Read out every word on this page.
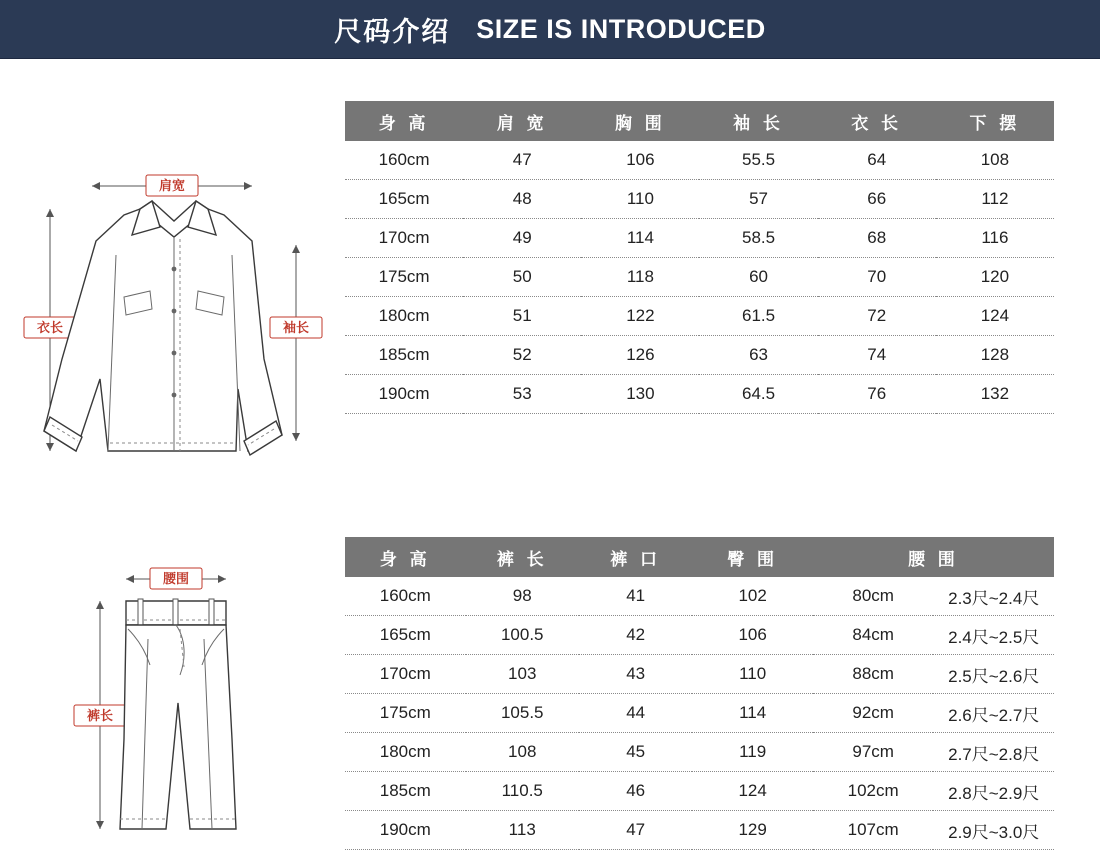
尺码介绍 SIZE IS INTRODUCED
肩宽
衣长	袖长
身 高	肩 宽	胸 围	袖 长	衣 长	下 摆
160cm	47	106	55.5	64	108
165cm	48	110	57	66	112
170cm	49	114	58.5	68	116
175cm	50	118	60	70	120
180cm	51	122	61.5	72	124
185cm	52	126	63	74	128
190cm	53	130	64.5	76	132
腰围
裤长
身 高	裤 长	裤 口	臀 围	腰 围	
160cm	98	41	102	80cm	2.3尺~2.4尺
165cm	100.5	42	106	84cm	2.4尺~2.5尺
170cm	103	43	110	88cm	2.5尺~2.6尺
175cm	105.5	44	114	92cm	2.6尺~2.7尺
180cm	108	45	119	97cm	2.7尺~2.8尺
185cm	110.5	46	124	102cm	2.8尺~2.9尺
190cm	113	47	129	107cm	2.9尺~3.0尺
